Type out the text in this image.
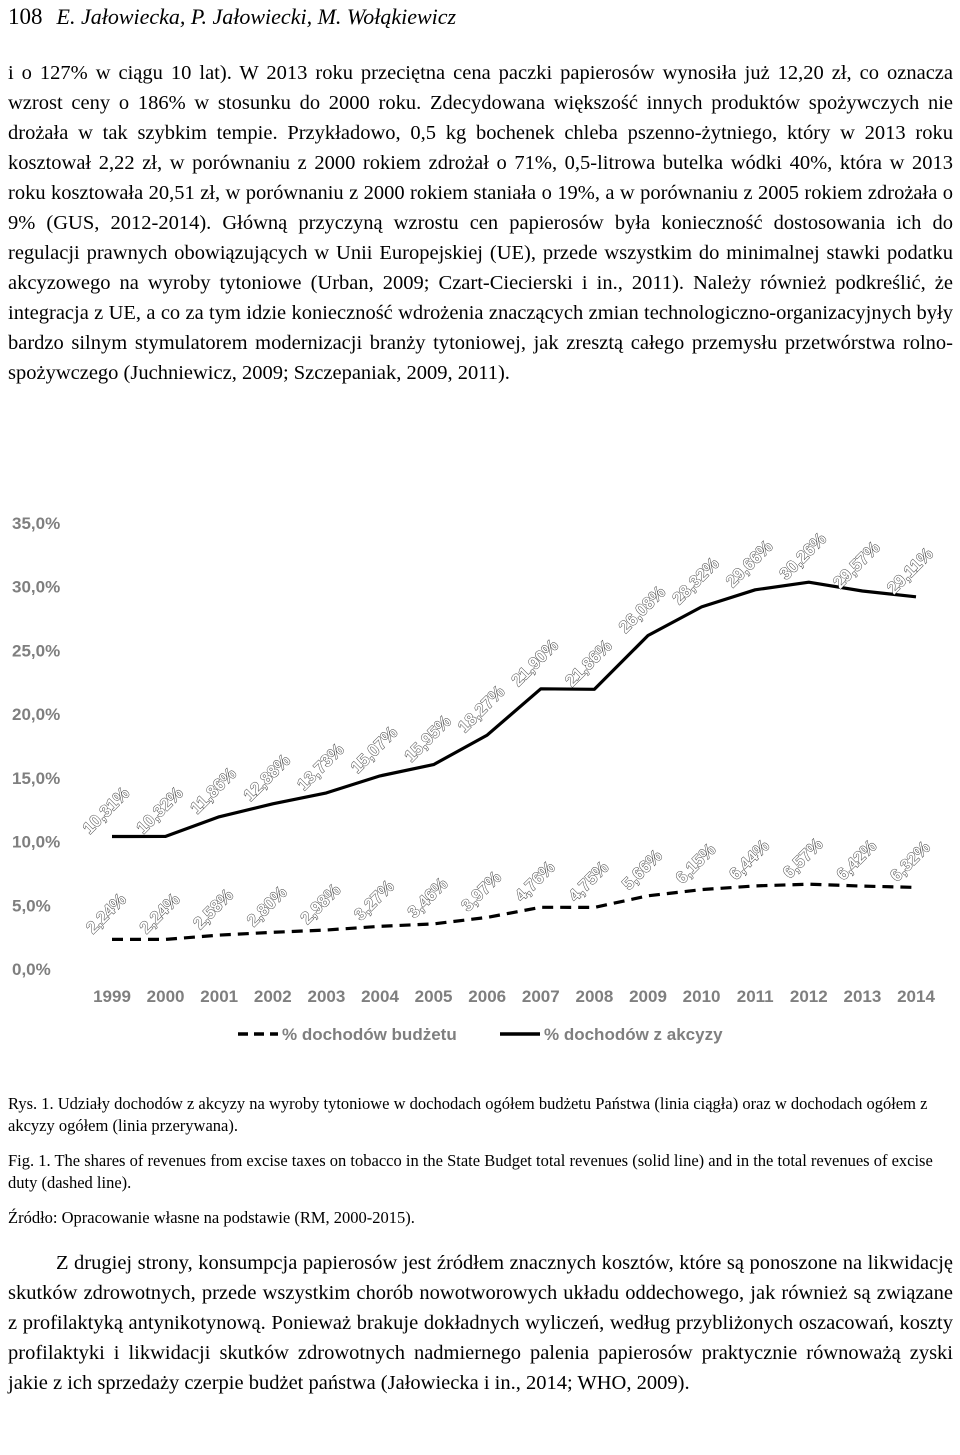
108 E. Jałowiecka, P. Jałowiecki, M. Wołąkiewicz

i o 127% w ciągu 10 lat). W 2013 roku przeciętna cena paczki papierosów wynosiła już 12,20 zł, co oznacza wzrost ceny o 186% w stosunku do 2000 roku. Zdecydowana większość innych produktów spożywczych nie drożała w tak szybkim tempie. Przykładowo, 0,5 kg bochenek chleba pszenno-żytniego, który w 2013 roku kosztował 2,22 zł, w porównaniu z 2000 rokiem zdrożał o 71%, 0,5-litrowa butelka wódki 40%, która w 2013 roku kosztowała 20,51 zł, w porównaniu z 2000 rokiem staniała o 19%, a w porównaniu z 2005 rokiem zdrożała o 9% (GUS, 2012-2014). Główną przyczyną wzrostu cen papierosów była konieczność dostosowania ich do regulacji prawnych obowiązujących w Unii Europejskiej (UE), przede wszystkim do minimalnej stawki podatku akcyzowego na wyroby tytoniowe (Urban, 2009; Czart-Ciecierski i in., 2011). Należy również podkreślić, że integracja z UE, a co za tym idzie konieczność wdrożenia znaczących zmian technologiczno-organizacyjnych były bardzo silnym stymulatorem modernizacji branży tytoniowej, jak zresztą całego przemysłu przetwórstwa rolno-spożywczego (Juchniewicz, 2009; Szczepaniak, 2009, 2011).

35,0%
30,0%
25,0%
20,0%
15,0%
10,0%
5,0%
0,0%
1999 2000 2001 2002 2003 2004 2005 2006 2007 2008 2009 2010 2011 2012 2013 2014
10,31% 10,32% 11,86% 12,88% 13,73% 15,07% 15,95%
18,27%
21,90% 21,86%
26,08%
28,32% 29,66% 30,26% 29,57% 29,11%
2,24% 2,24% 2,58% 2,80% 2,98% 3,27% 3,46% 3,97% 4,76% 4,75% 5,66% 6,15% 6,44% 6,57% 6,42% 6,32%
% dochodów budżetu	% dochodów z akcyzy

Rys. 1. Udziały dochodów z akcyzy na wyroby tytoniowe w dochodach ogółem budżetu Państwa (linia ciągła) oraz w dochodach ogółem z akcyzy ogółem (linia przerywana).

Fig. 1. The shares of revenues from excise taxes on tobacco in the State Budget total revenues (solid line) and in the total revenues of excise duty (dashed line).

Źródło: Opracowanie własne na podstawie (RM, 2000-2015).

Z drugiej strony, konsumpcja papierosów jest źródłem znacznych kosztów, które są ponoszone na likwidację skutków zdrowotnych, przede wszystkim chorób nowotworowych układu oddechowego, jak również są związane z profilaktyką antynikotynową. Ponieważ brakuje dokładnych wyliczeń, według przybliżonych oszacowań, koszty profilaktyki i likwidacji skutków zdrowotnych nadmiernego palenia papierosów praktycznie równoważą zyski jakie z ich sprzedaży czerpie budżet państwa (Jałowiecka i in., 2014; WHO, 2009).
